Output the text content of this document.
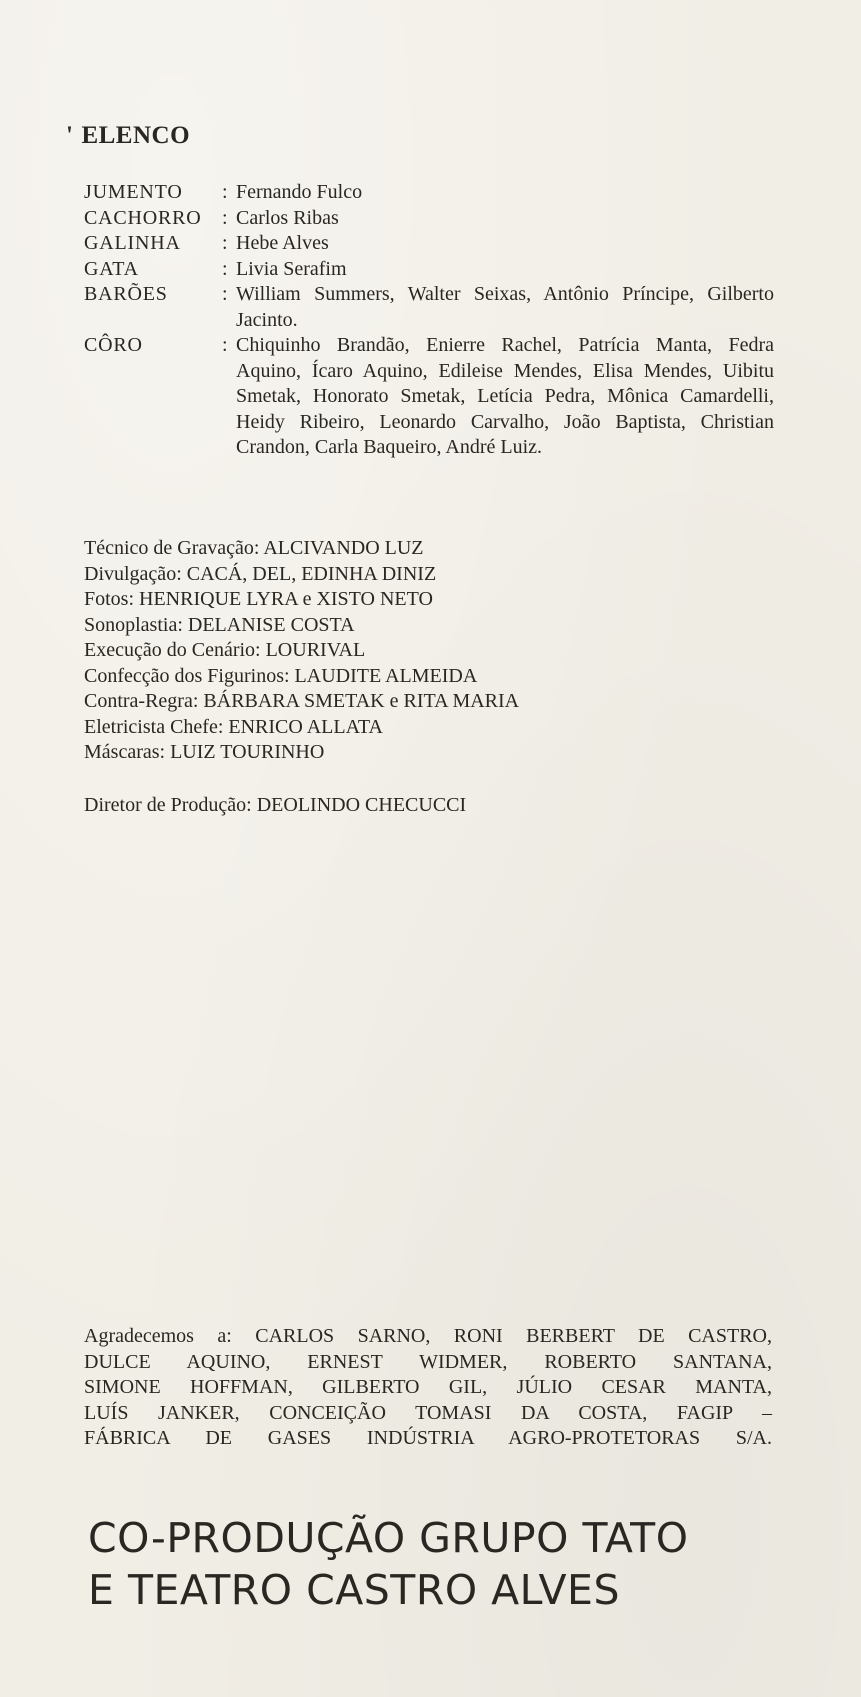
' ELENCO
JUMENTO	: Fernando Fulco
CACHORRO	: Carlos Ribas
GALINHA	: Hebe Alves
GATA	: Livia Serafim
BARÕES	: William Summers, Walter Seixas, Antônio Príncipe, Gilberto Jacinto.
CÔRO	: Chiquinho Brandão, Enierre Rachel, Patrícia Manta, Fedra Aquino, Ícaro Aquino, Edileise Mendes, Elisa Mendes, Uibitu Smetak, Honorato Smetak, Letícia Pedra, Mônica Camardelli, Heidy Ribeiro, Leonardo Carvalho, João Baptista, Christian Crandon, Carla Baqueiro, André Luiz.
Técnico de Gravação: ALCIVANDO LUZ
Divulgação: CACÁ, DEL, EDINHA DINIZ
Fotos: HENRIQUE LYRA e XISTO NETO
Sonoplastia: DELANISE COSTA
Execução do Cenário: LOURIVAL
Confecção dos Figurinos: LAUDITE ALMEIDA
Contra-Regra: BÁRBARA SMETAK e RITA MARIA
Eletricista Chefe: ENRICO ALLATA
Máscaras: LUIZ TOURINHO
Diretor de Produção: DEOLINDO CHECUCCI
Agradecemos a: CARLOS SARNO, RONI BERBERT DE CASTRO,
DULCE AQUINO, ERNEST WIDMER, ROBERTO SANTANA,
SIMONE HOFFMAN, GILBERTO GIL, JÚLIO CESAR MANTA,
LUÍS JANKER, CONCEIÇÃO TOMASI DA COSTA, FAGIP –
FÁBRICA DE GASES INDÚSTRIA AGRO-PROTETORAS S/A.
CO-PRODUÇÃO GRUPO TATO
E TEATRO CASTRO ALVES
